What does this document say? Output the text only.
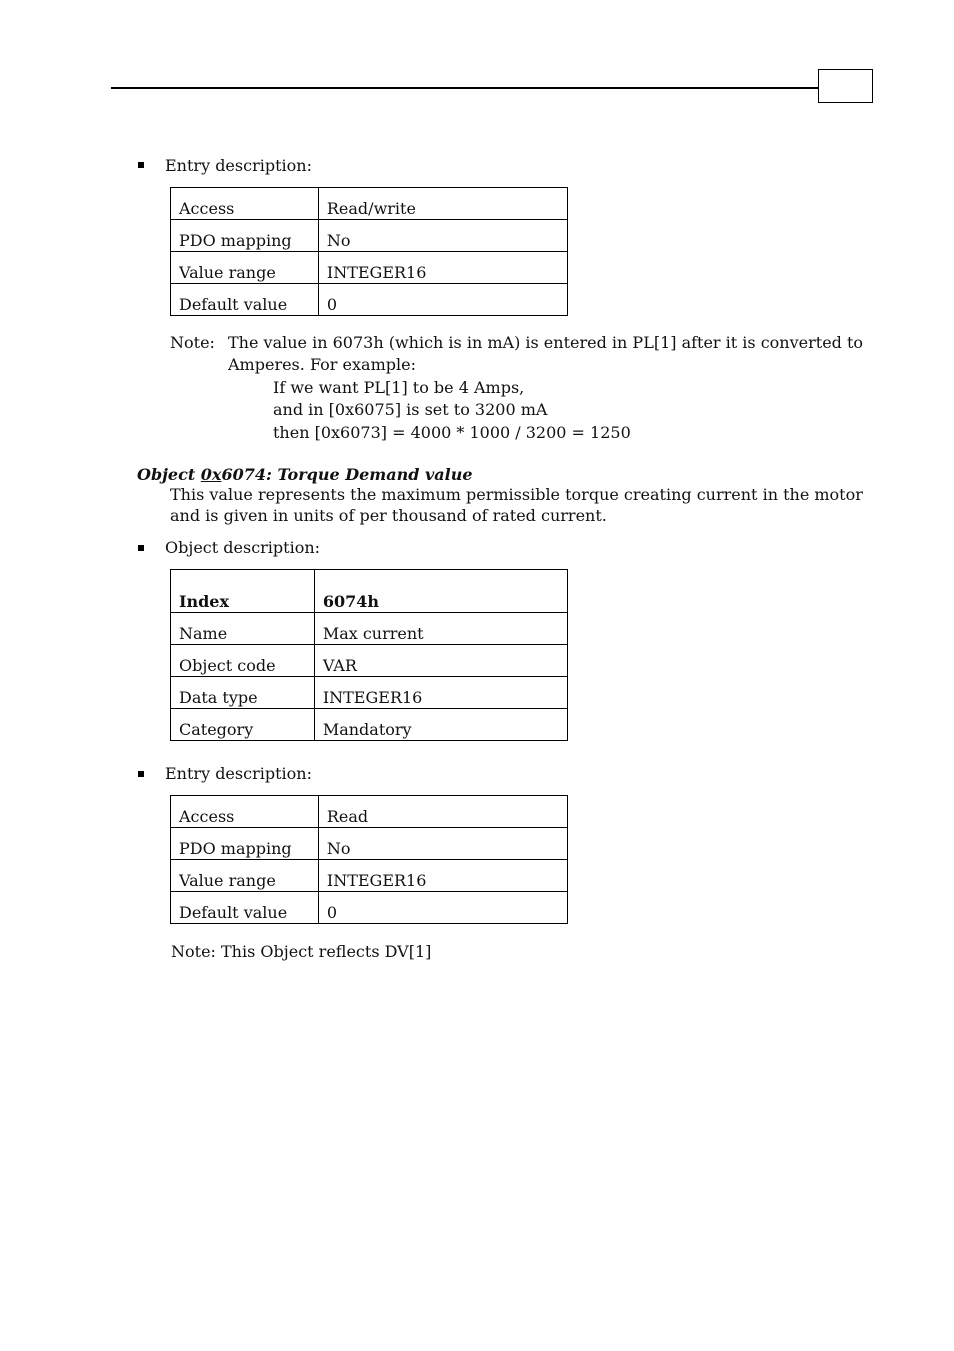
Entry description:
Access	Read/write
PDO mapping	No
Value range	INTEGER16
Default value	0
Note: The value in 6073h (which is in mA) is entered in PL[1] after it is converted to
Amperes. For example:
If we want PL[1] to be 4 Amps,
and in [0x6075] is set to 3200 mA
then [0x6073] = 4000 * 1000 / 3200 = 1250
Object 0x6074: Torque Demand value
This value represents the maximum permissible torque creating current in the motor
and is given in units of per thousand of rated current.
Object description:
Index	6074h
Name	Max current
Object code	VAR
Data type	INTEGER16
Category	Mandatory
Entry description:
Access	Read
PDO mapping	No
Value range	INTEGER16
Default value	0
Note: This Object reflects DV[1]
